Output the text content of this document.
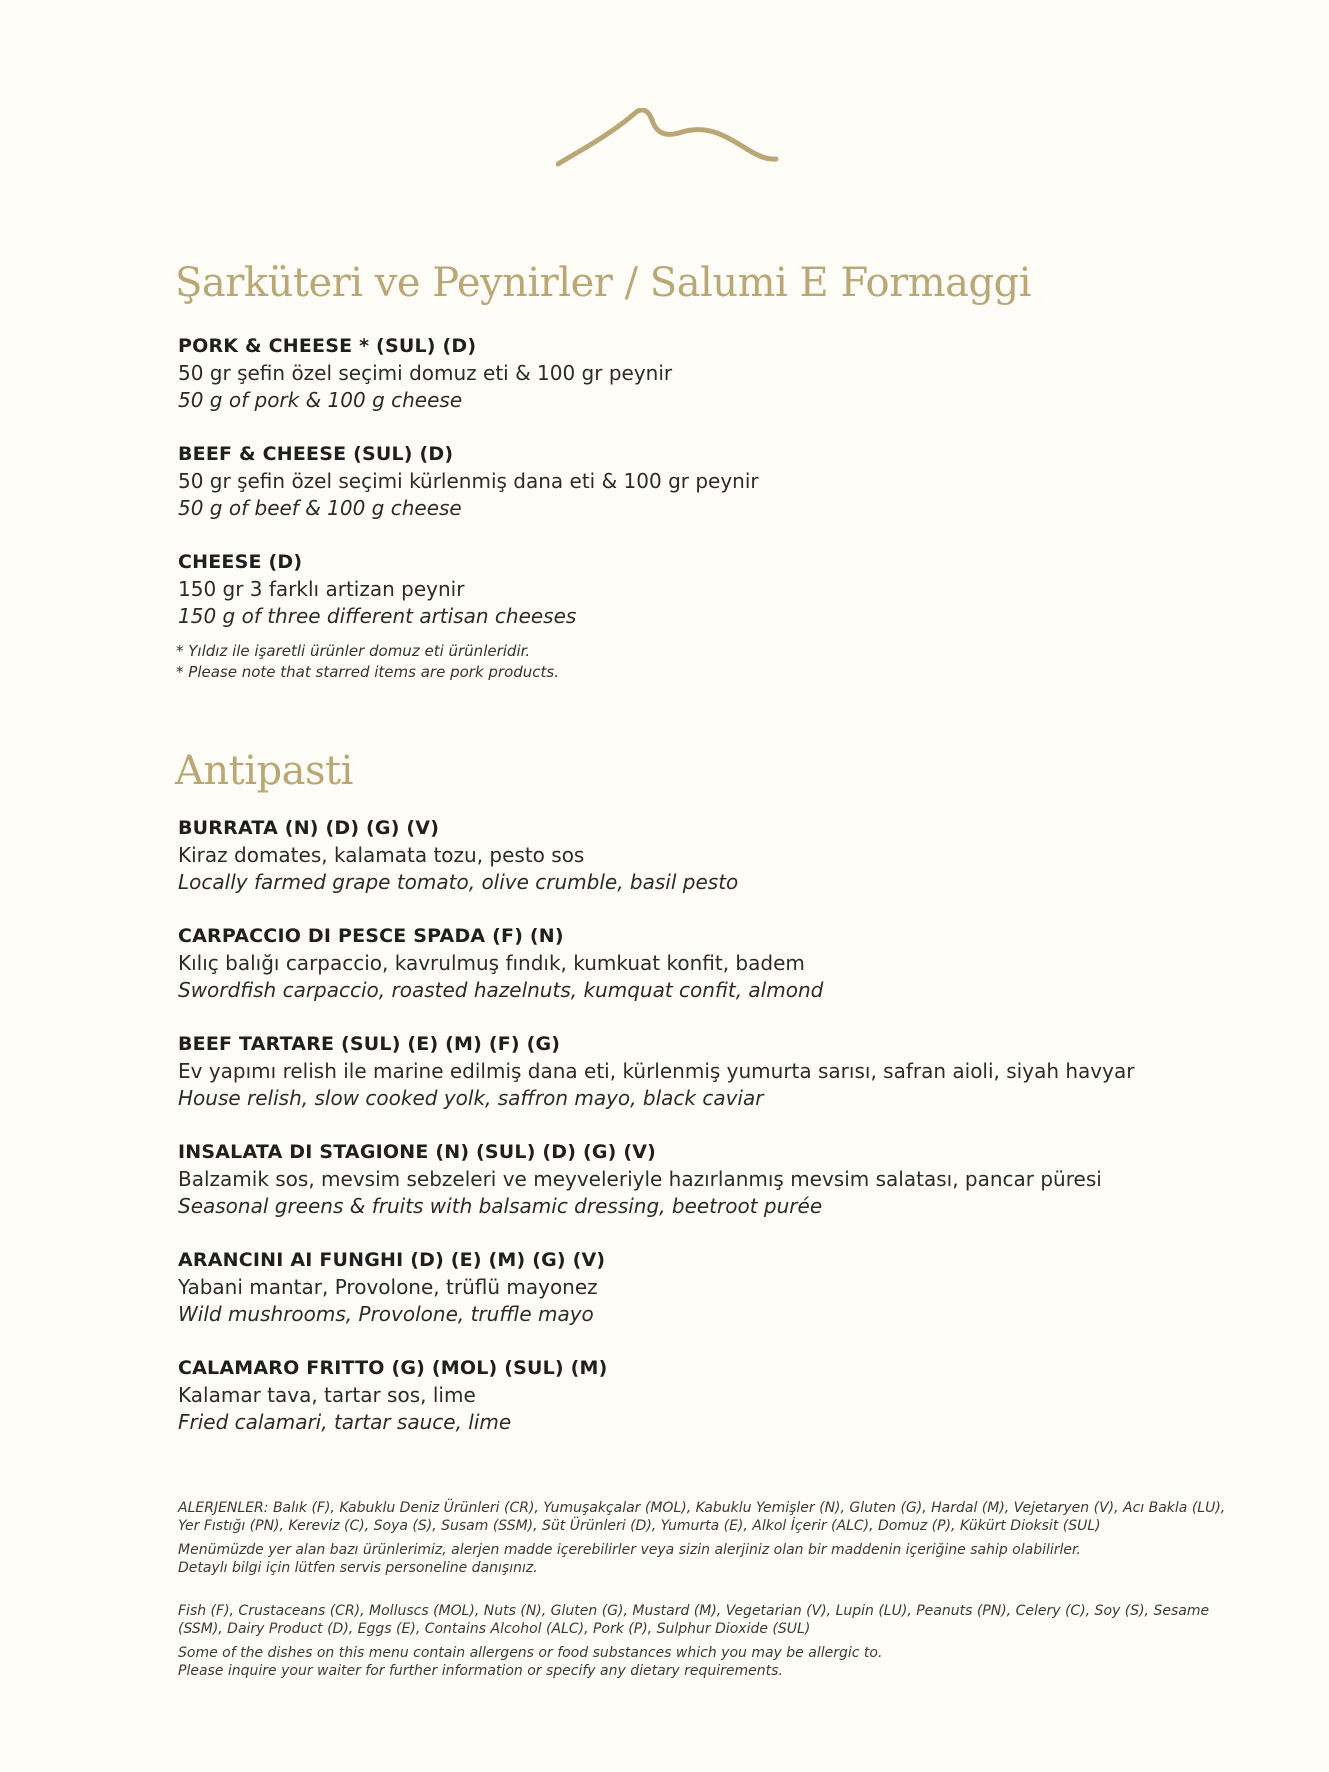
Şarküteri ve Peynirler / Salumi E Formaggi
PORK & CHEESE * (SUL) (D)
50 gr şefin özel seçimi domuz eti & 100 gr peynir
50 g of pork & 100 g cheese
BEEF & CHEESE (SUL) (D)
50 gr şefin özel seçimi kürlenmiş dana eti & 100 gr peynir
50 g of beef & 100 g cheese
CHEESE (D)
150 gr 3 farklı artizan peynir
150 g of three different artisan cheeses
* Yıldız ile işaretli ürünler domuz eti ürünleridir.
* Please note that starred items are pork products.
Antipasti
BURRATA (N) (D) (G) (V)
Kiraz domates, kalamata tozu, pesto sos
Locally farmed grape tomato, olive crumble, basil pesto
CARPACCIO DI PESCE SPADA (F) (N)
Kılıç balığı carpaccio, kavrulmuş fındık, kumkuat konfit, badem
Swordfish carpaccio, roasted hazelnuts, kumquat confit, almond
BEEF TARTARE (SUL) (E) (M) (F) (G)
Ev yapımı relish ile marine edilmiş dana eti, kürlenmiş yumurta sarısı, safran aioli, siyah havyar
House relish, slow cooked yolk, saffron mayo, black caviar
INSALATA DI STAGIONE (N) (SUL) (D) (G) (V)
Balzamik sos, mevsim sebzeleri ve meyveleriyle hazırlanmış mevsim salatası, pancar püresi
Seasonal greens & fruits with balsamic dressing, beetroot purée
ARANCINI AI FUNGHI (D) (E) (M) (G) (V)
Yabani mantar, Provolone, trüflü mayonez
Wild mushrooms, Provolone, truffle mayo
CALAMARO FRITTO (G) (MOL) (SUL) (M)
Kalamar tava, tartar sos, lime
Fried calamari, tartar sauce, lime

ALERJENLER: Balık (F), Kabuklu Deniz Ürünleri (CR), Yumuşakçalar (MOL), Kabuklu Yemişler (N), Gluten (G), Hardal (M), Vejetaryen (V), Acı Bakla (LU), Yer Fıstığı (PN), Kereviz (C), Soya (S), Susam (SSM), Süt Ürünleri (D), Yumurta (E), Alkol İçerir (ALC), Domuz (P), Kükürt Dioksit (SUL)

Menümüzde yer alan bazı ürünlerimiz, alerjen madde içerebilirler veya sizin alerjiniz olan bir maddenin içeriğine sahip olabilirler.

Detaylı bilgi için lütfen servis personeline danışınız.

Fish (F), Crustaceans (CR), Molluscs (MOL), Nuts (N), Gluten (G), Mustard (M), Vegetarian (V), Lupin (LU), Peanuts (PN), Celery (C), Soy (S), Sesame (SSM), Dairy Product (D), Eggs (E), Contains Alcohol (ALC), Pork (P), Sulphur Dioxide (SUL)

Some of the dishes on this menu contain allergens or food substances which you may be allergic to.

Please inquire your waiter for further information or specify any dietary requirements.
